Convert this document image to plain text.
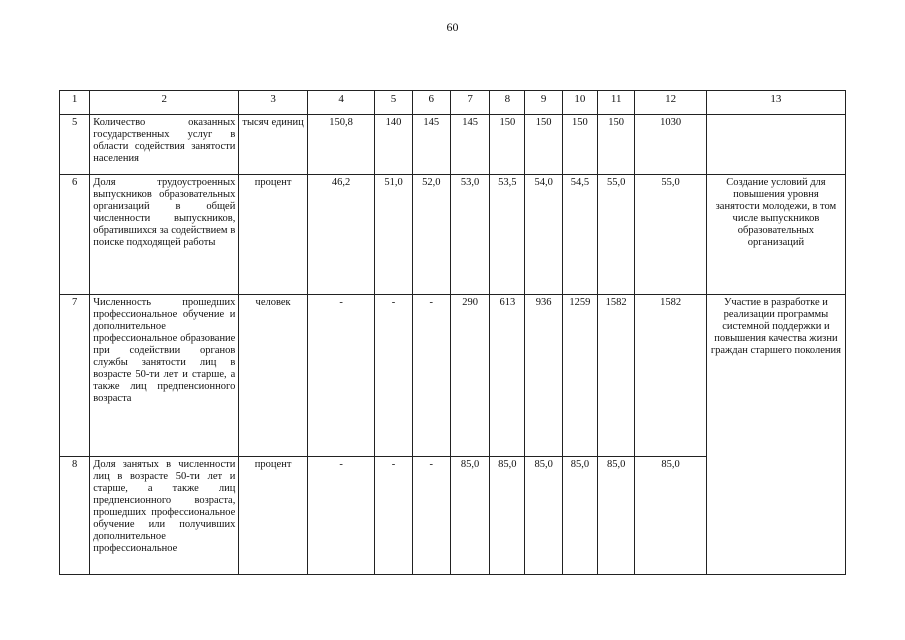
60
1	2	3	4	5	6	7	8	9	10	11	12	13
5	Количество оказанных государственных услуг в области содействия занятости населения	тысяч единиц	150,8	140	145	145	150	150	150	150	1030	
6	Доля трудоустроенных выпускников образовательных организаций в общей численности выпускников, обратившихся за содействием в поиске подходящей работы	процент	46,2	51,0	52,0	53,0	53,5	54,0	54,5	55,0	55,0	Создание условий для повышения уровня занятости молодежи, в том числе выпускников образовательных организаций
7	Численность прошедших профессиональное обучение и дополнительное профессиональное образование при содействии органов службы занятости лиц в возрасте 50-ти лет и старше, а также лиц предпенсионного возраста	человек	-	-	-	290	613	936	1259	1582	1582	Участие в разработке и реализации программы системной поддержки и повышения качества жизни граждан старшего поколения
8	Доля занятых в численности лиц в возрасте 50-ти лет и старше, а также лиц предпенсионного возраста, прошедших профессиональное обучение или получивших дополнительное профессиональное	процент	-	-	-	85,0	85,0	85,0	85,0	85,0	85,0	
